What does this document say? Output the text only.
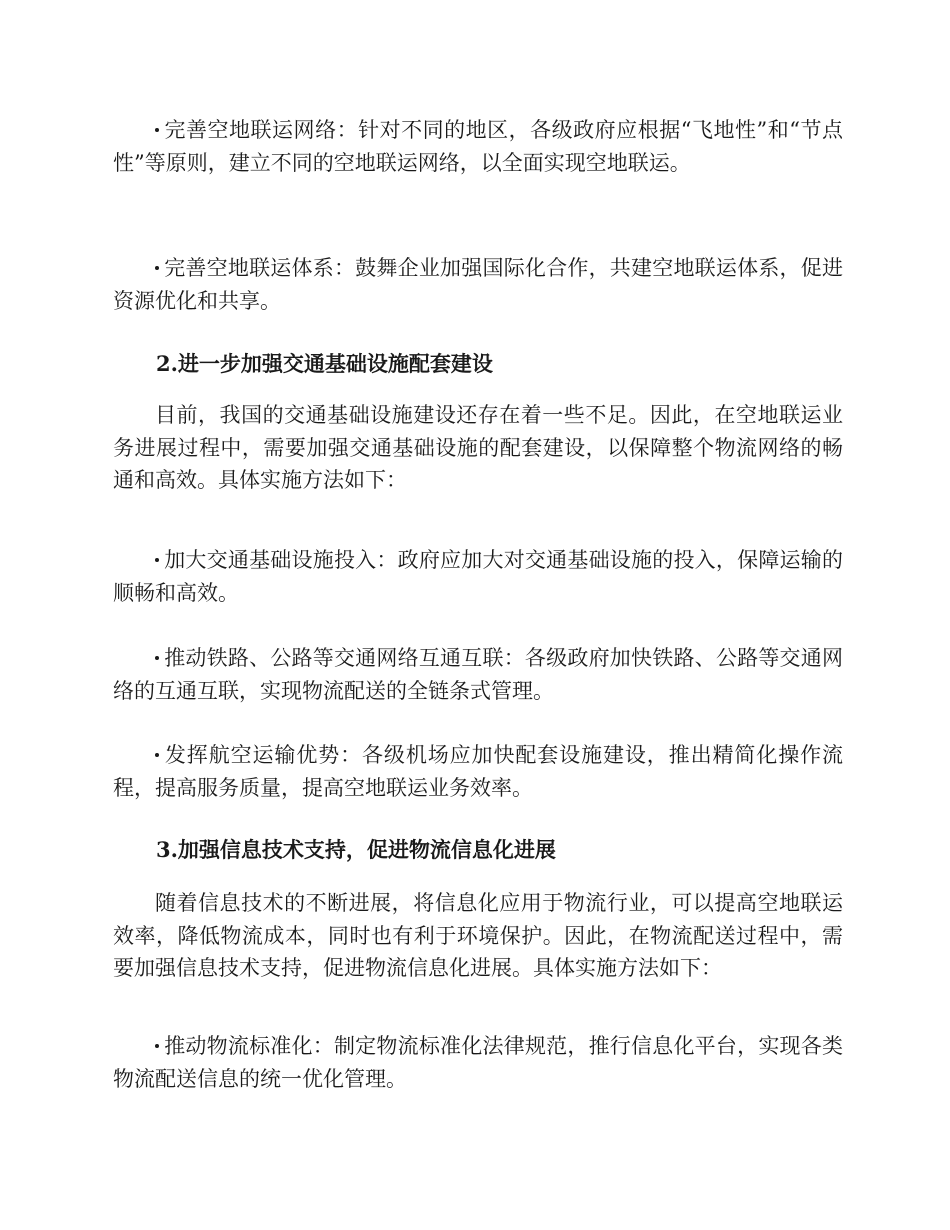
完善空地联运网络：针对不同的地区，各级政府应根据“飞地性”和“节点性”等原则，建立不同的空地联运网络，以全面实现空地联运。

完善空地联运体系：鼓舞企业加强国际化合作，共建空地联运体系，促进资源优化和共享。

2.进一步加强交通基础设施配套建设

目前，我国的交通基础设施建设还存在着一些不足。因此，在空地联运业务进展过程中，需要加强交通基础设施的配套建设，以保障整个物流网络的畅通和高效。具体实施方法如下：

加大交通基础设施投入：政府应加大对交通基础设施的投入，保障运输的顺畅和高效。

推动铁路、公路等交通网络互通互联：各级政府加快铁路、公路等交通网络的互通互联，实现物流配送的全链条式管理。

发挥航空运输优势：各级机场应加快配套设施建设，推出精简化操作流程，提高服务质量，提高空地联运业务效率。

3.加强信息技术支持，促进物流信息化进展

随着信息技术的不断进展，将信息化应用于物流行业，可以提高空地联运效率，降低物流成本，同时也有利于环境保护。因此，在物流配送过程中，需要加强信息技术支持，促进物流信息化进展。具体实施方法如下：

推动物流标准化：制定物流标准化法律规范，推行信息化平台，实现各类物流配送信息的统一优化管理。
